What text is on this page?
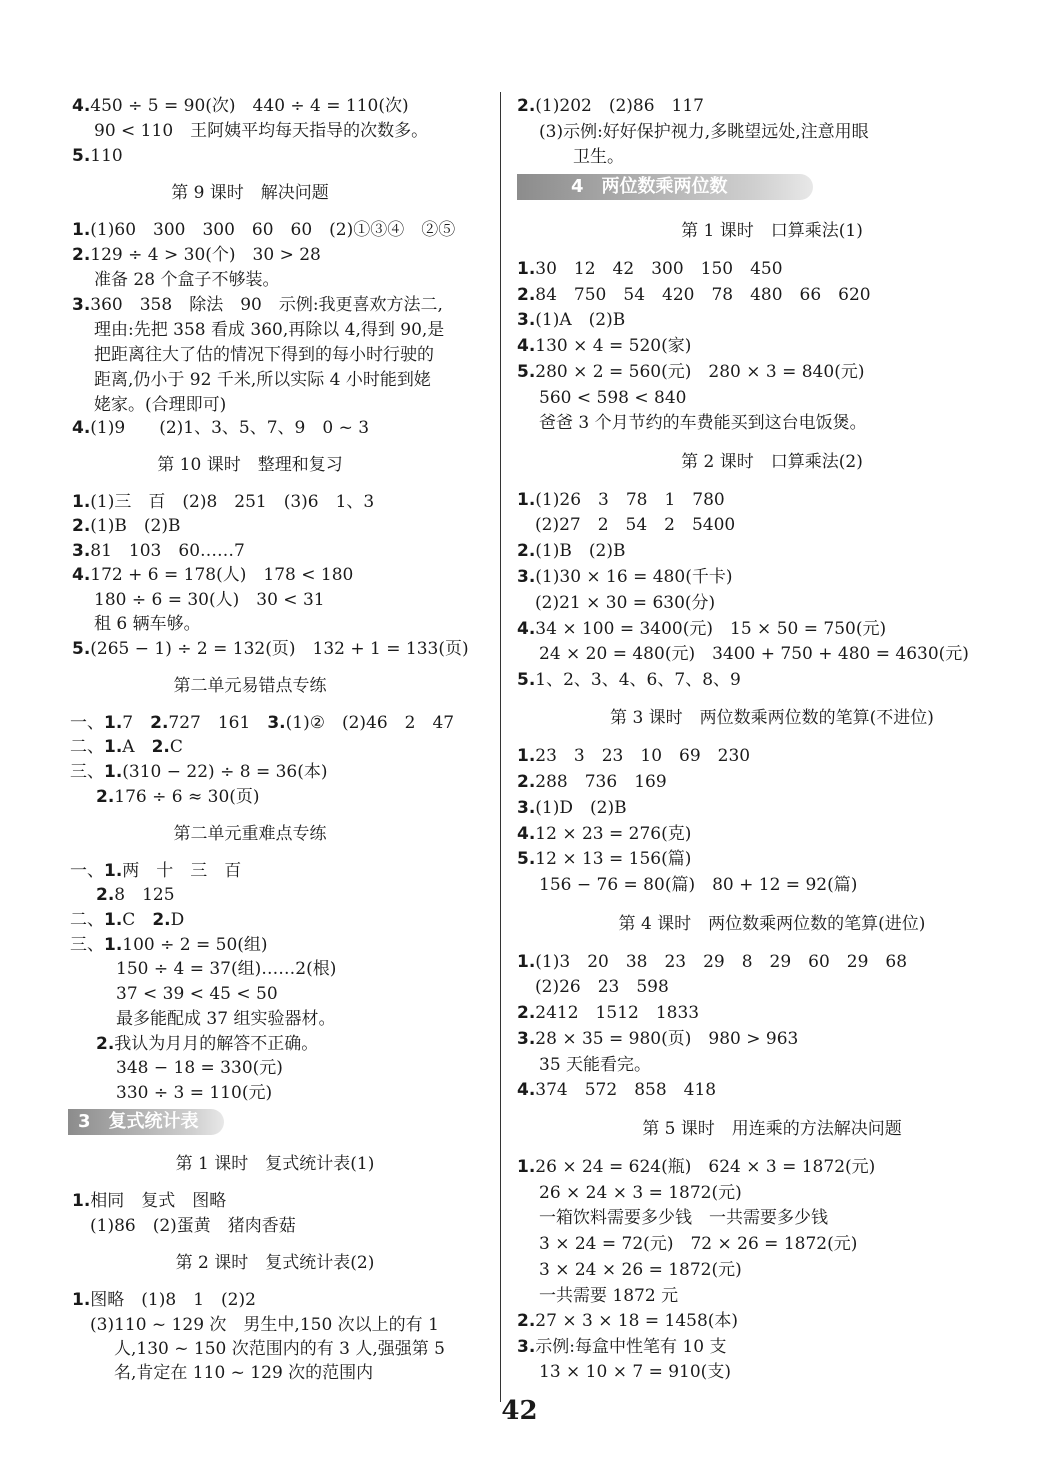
4.450 ÷ 5 = 90(次)　440 ÷ 4 = 110(次)
90 < 110　王阿姨平均每天指导的次数多。
5.110
第 9 课时　解决问题
1.(1)60　300　300　60　60　(2)①③④　②⑤
2.129 ÷ 4 > 30(个)　30 > 28
准备 28 个盒子不够装。
3.360　358　除法　90　示例:我更喜欢方法二,
理由:先把 358 看成 360,再除以 4,得到 90,是
把距离往大了估的情况下得到的每小时行驶的
距离,仍小于 92 千米,所以实际 4 小时能到姥
姥家。(合理即可)
4.(1)9　　(2)1、3、5、7、9　0 ~ 3
第 10 课时　整理和复习
1.(1)三　百　(2)8　251　(3)6　1、3
2.(1)B　(2)B
3.81　103　60……7
4.172 + 6 = 178(人)　178 < 180
180 ÷ 6 = 30(人)　30 < 31
租 6 辆车够。
5.(265 − 1) ÷ 2 = 132(页)　132 + 1 = 133(页)
第二单元易错点专练
一、1.7　2.727　161　3.(1)②　(2)46　2　47
二、1.A　2.C
三、1.(310 − 22) ÷ 8 = 36(本)
2.176 ÷ 6 ≈ 30(页)
第二单元重难点专练
一、1.两　十　三　百
2.8　125
二、1.C　2.D
三、1.100 ÷ 2 = 50(组)
150 ÷ 4 = 37(组)……2(根)
37 < 39 < 45 < 50
最多能配成 37 组实验器材。
2.我认为月月的解答不正确。
348 − 18 = 330(元)
330 ÷ 3 = 110(元)
3 复式统计表
第 1 课时　复式统计表(1)
1.相同　复式　图略
(1)86　(2)蛋黄　猪肉香菇
第 2 课时　复式统计表(2)
1.图略　(1)8　1　(2)2
(3)110 ~ 129 次　男生中,150 次以上的有 1
人,130 ~ 150 次范围内的有 3 人,强强第 5
名,肯定在 110 ~ 129 次的范围内
2.(1)202　(2)86　117
(3)示例:好好保护视力,多眺望远处,注意用眼
卫生。
4 两位数乘两位数
第 1 课时　口算乘法(1)
1.30　12　42　300　150　450
2.84　750　54　420　78　480　66　620
3.(1)A　(2)B
4.130 × 4 = 520(家)
5.280 × 2 = 560(元)　280 × 3 = 840(元)
560 < 598 < 840
爸爸 3 个月节约的车费能买到这台电饭煲。
第 2 课时　口算乘法(2)
1.(1)26　3　78　1　780
(2)27　2　54　2　5400
2.(1)B　(2)B
3.(1)30 × 16 = 480(千卡)
(2)21 × 30 = 630(分)
4.34 × 100 = 3400(元)　15 × 50 = 750(元)
24 × 20 = 480(元)　3400 + 750 + 480 = 4630(元)
5.1、2、3、4、6、7、8、9
第 3 课时　两位数乘两位数的笔算(不进位)
1.23　3　23　10　69　230
2.288　736　169
3.(1)D　(2)B
4.12 × 23 = 276(克)
5.12 × 13 = 156(篇)
156 − 76 = 80(篇)　80 + 12 = 92(篇)
第 4 课时　两位数乘两位数的笔算(进位)
1.(1)3　20　38　23　29　8　29　60　29　68
(2)26　23　598
2.2412　1512　1833
3.28 × 35 = 980(页)　980 > 963
35 天能看完。
4.374　572　858　418
第 5 课时　用连乘的方法解决问题
1.26 × 24 = 624(瓶)　624 × 3 = 1872(元)
26 × 24 × 3 = 1872(元)
一箱饮料需要多少钱　一共需要多少钱
3 × 24 = 72(元)　72 × 26 = 1872(元)
3 × 24 × 26 = 1872(元)
一共需要 1872 元
2.27 × 3 × 18 = 1458(本)
3.示例:每盒中性笔有 10 支
13 × 10 × 7 = 910(支)
42
